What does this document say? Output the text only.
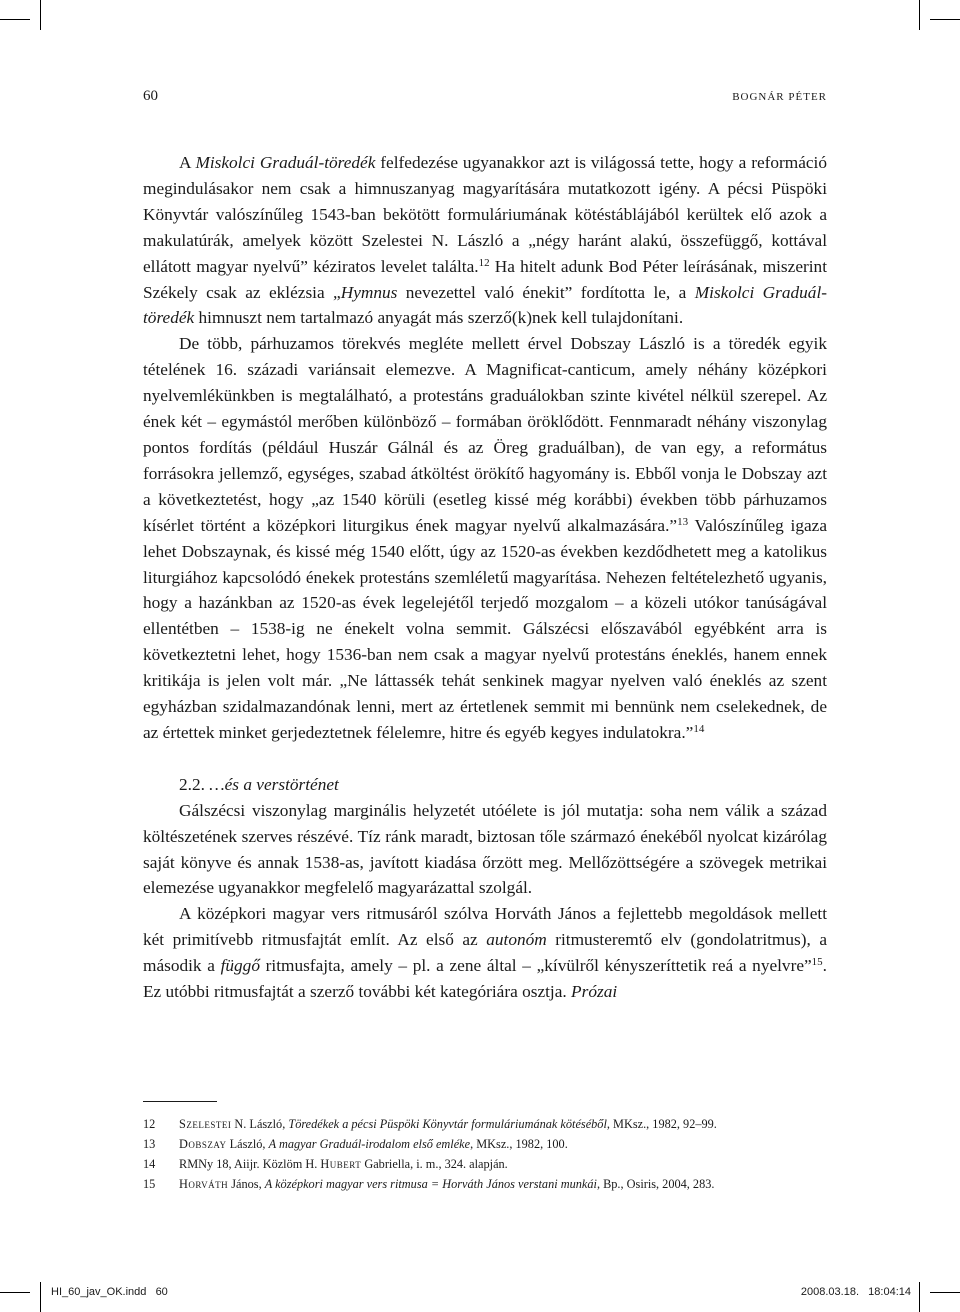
60	BOGNÁR PÉTER

A Miskolci Graduál-töredék felfedezése ugyanakkor azt is világossá tette, hogy a reformáció megindulásakor nem csak a himnuszanyag magyarítására mutatkozott igény. A pécsi Püspöki Könyvtár valószínűleg 1543-ban bekötött formuláriumának kötéstáblájából kerültek elő azok a makulatúrák, amelyek között Szelestei N. László a „négy haránt alakú, összefüggő, kottával ellátott magyar nyelvű” kéziratos levelet találta.$^{12}$ Ha hitelt adunk Bod Péter leírásának, miszerint Székely csak az eklézsia „Hymnus nevezettel való énekit” fordította le, a Miskolci Graduál-töredék himnuszt nem tartalmazó anyagát más szerző(k)nek kell tulajdonítani.

De több, párhuzamos törekvés megléte mellett érvel Dobszay László is a töredék egyik tételének 16. századi variánsait elemezve. A Magnificat-canticum, amely néhány középkori nyelvemlékünkben is megtalálható, a protestáns graduálokban szinte kivétel nélkül szerepel. Az ének két – egymástól merőben különböző – formában öröklődött. Fennmaradt néhány viszonylag pontos fordítás (például Huszár Gálnál és az Öreg graduálban), de van egy, a református forrásokra jellemző, egységes, szabad átköltést örökítő hagyomány is. Ebből vonja le Dobszay azt a következtetést, hogy „az 1540 körüli (esetleg kissé még korábbi) években több párhuzamos kísérlet történt a középkori liturgikus ének magyar nyelvű alkalmazására.”$^{13}$ Valószínűleg igaza lehet Dobszaynak, és kissé még 1540 előtt, úgy az 1520-as években kezdődhetett meg a katolikus liturgiához kapcsolódó énekek protestáns szemléletű magyarítása. Nehezen feltételezhető ugyanis, hogy a hazánkban az 1520-as évek legelejétől terjedő mozgalom – a közeli utókor tanúságával ellentétben – 1538-ig ne énekelt volna semmit. Gálszécsi előszavából egyébként arra is következtetni lehet, hogy 1536-ban nem csak a magyar nyelvű protestáns éneklés, hanem ennek kritikája is jelen volt már. „Ne láttassék tehát senkinek magyar nyelven való éneklés az szent egyházban szidalmazandónak lenni, mert az értetlenek semmit mi bennünk nem cselekednek, de az értettek minket gerjedeztetnek félelemre, hitre és egyéb kegyes indulatokra.”$^{14}$

2.2. …és a verstörténet

Gálszécsi viszonylag marginális helyzetét utóélete is jól mutatja: soha nem válik a század költészetének szerves részévé. Tíz ránk maradt, biztosan tőle származó énekéből nyolcat kizárólag saját könyve és annak 1538-as, javított kiadása őrzött meg. Mellőzöttségére a szövegek metrikai elemezése ugyanakkor megfelelő magyarázattal szolgál.

A középkori magyar vers ritmusáról szólva Horváth János a fejlettebb megoldások mellett két primitívebb ritmusfajtát említ. Az első az autonóm ritmusteremtő elv (gondolatritmus), a második a függő ritmusfajta, amely – pl. a zene által – „kívülről kényszeríttetik reá a nyelvre”$^{15}$. Ez utóbbi ritmusfajtát a szerző további két kategóriára osztja. Prózai

12	Szelestei N. László, Töredékek a pécsi Püspöki Könyvtár formuláriumának kötéséből, MKsz., 1982, 92–99.
13	Dobszay László, A magyar Graduál-irodalom első emléke, MKsz., 1982, 100.
14	RMNy 18, Aiijr. Közlöm H. Hubert Gabriella, i. m., 324. alapján.
15	Horváth János, A középkori magyar vers ritmusa = Horváth János verstani munkái, Bp., Osiris, 2004, 283.
HI_60_jav_OK.indd   60	2008.03.18.   18:04:14
